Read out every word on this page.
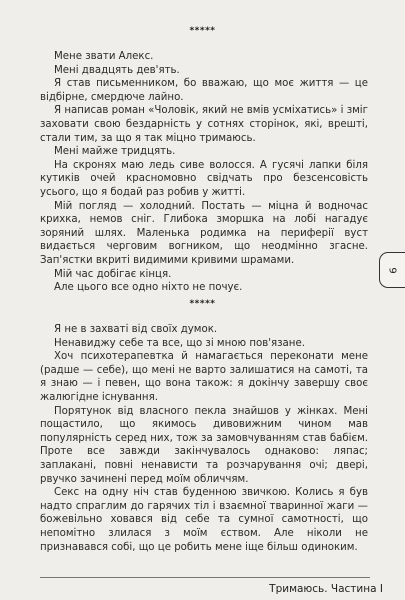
*****

Мене звати Алекс.

Мені двадцять дев'ять.

Я став письменником, бо вважаю, що моє життя — це відбірне, смердюче лайно.

Я написав роман «Чоловік, який не вмів усміхатись» і зміг заховати свою бездарність у сотнях сторінок, які, врешті, стали тим, за що я так міцно тримаюсь.

Мені майже тридцять.

На скронях маю ледь сиве волосся. А гусячі лапки біля кутиків очей красномовно свідчать про безсенсовість усього, що я бодай раз робив у житті.

Мій погляд — холодний. Постать — міцна й водночас крихка, немов сніг. Глибока зморшка на лобі нагадує зоряний шлях. Маленька родимка на периферії вуст видається черговим вогником, що неодмінно згасне. Зап'ястки вкриті видимими кривими шрамами.

Мій час добігає кінця.

Але цього все одно ніхто не почує.

*****

Я не в захваті від своїх думок.

Ненавиджу себе та все, що зі мною пов'язане.

Хоч психотерапевтка й намагається переконати мене (радше — себе), що мені не варто залишатися на самоті, та я знаю — і певен, що вона також: я докінчу завершу своє жалюгідне існування.

Порятунок від власного пекла знайшов у жінках. Мені пощастило, що якимось дивовижним чином мав популярність серед них, тож за замовчуванням став бабієм. Проте все завжди закінчувалось однаково: ляпас; заплакані, повні ненависти та розчарування очі; двері, рвучко зачинені перед моїм обличчям.

Секс на одну ніч став буденною звичкою. Колись я був надто спраглим до гарячих тіл і взаємної тваринної жаги — божевільно ховався від себе та сумної самотності, що непомітно злилася з моїм єством. Але ніколи не признавався собі, що це робить мене іще більш одиноким.

9
Тримаюсь. Частина І
